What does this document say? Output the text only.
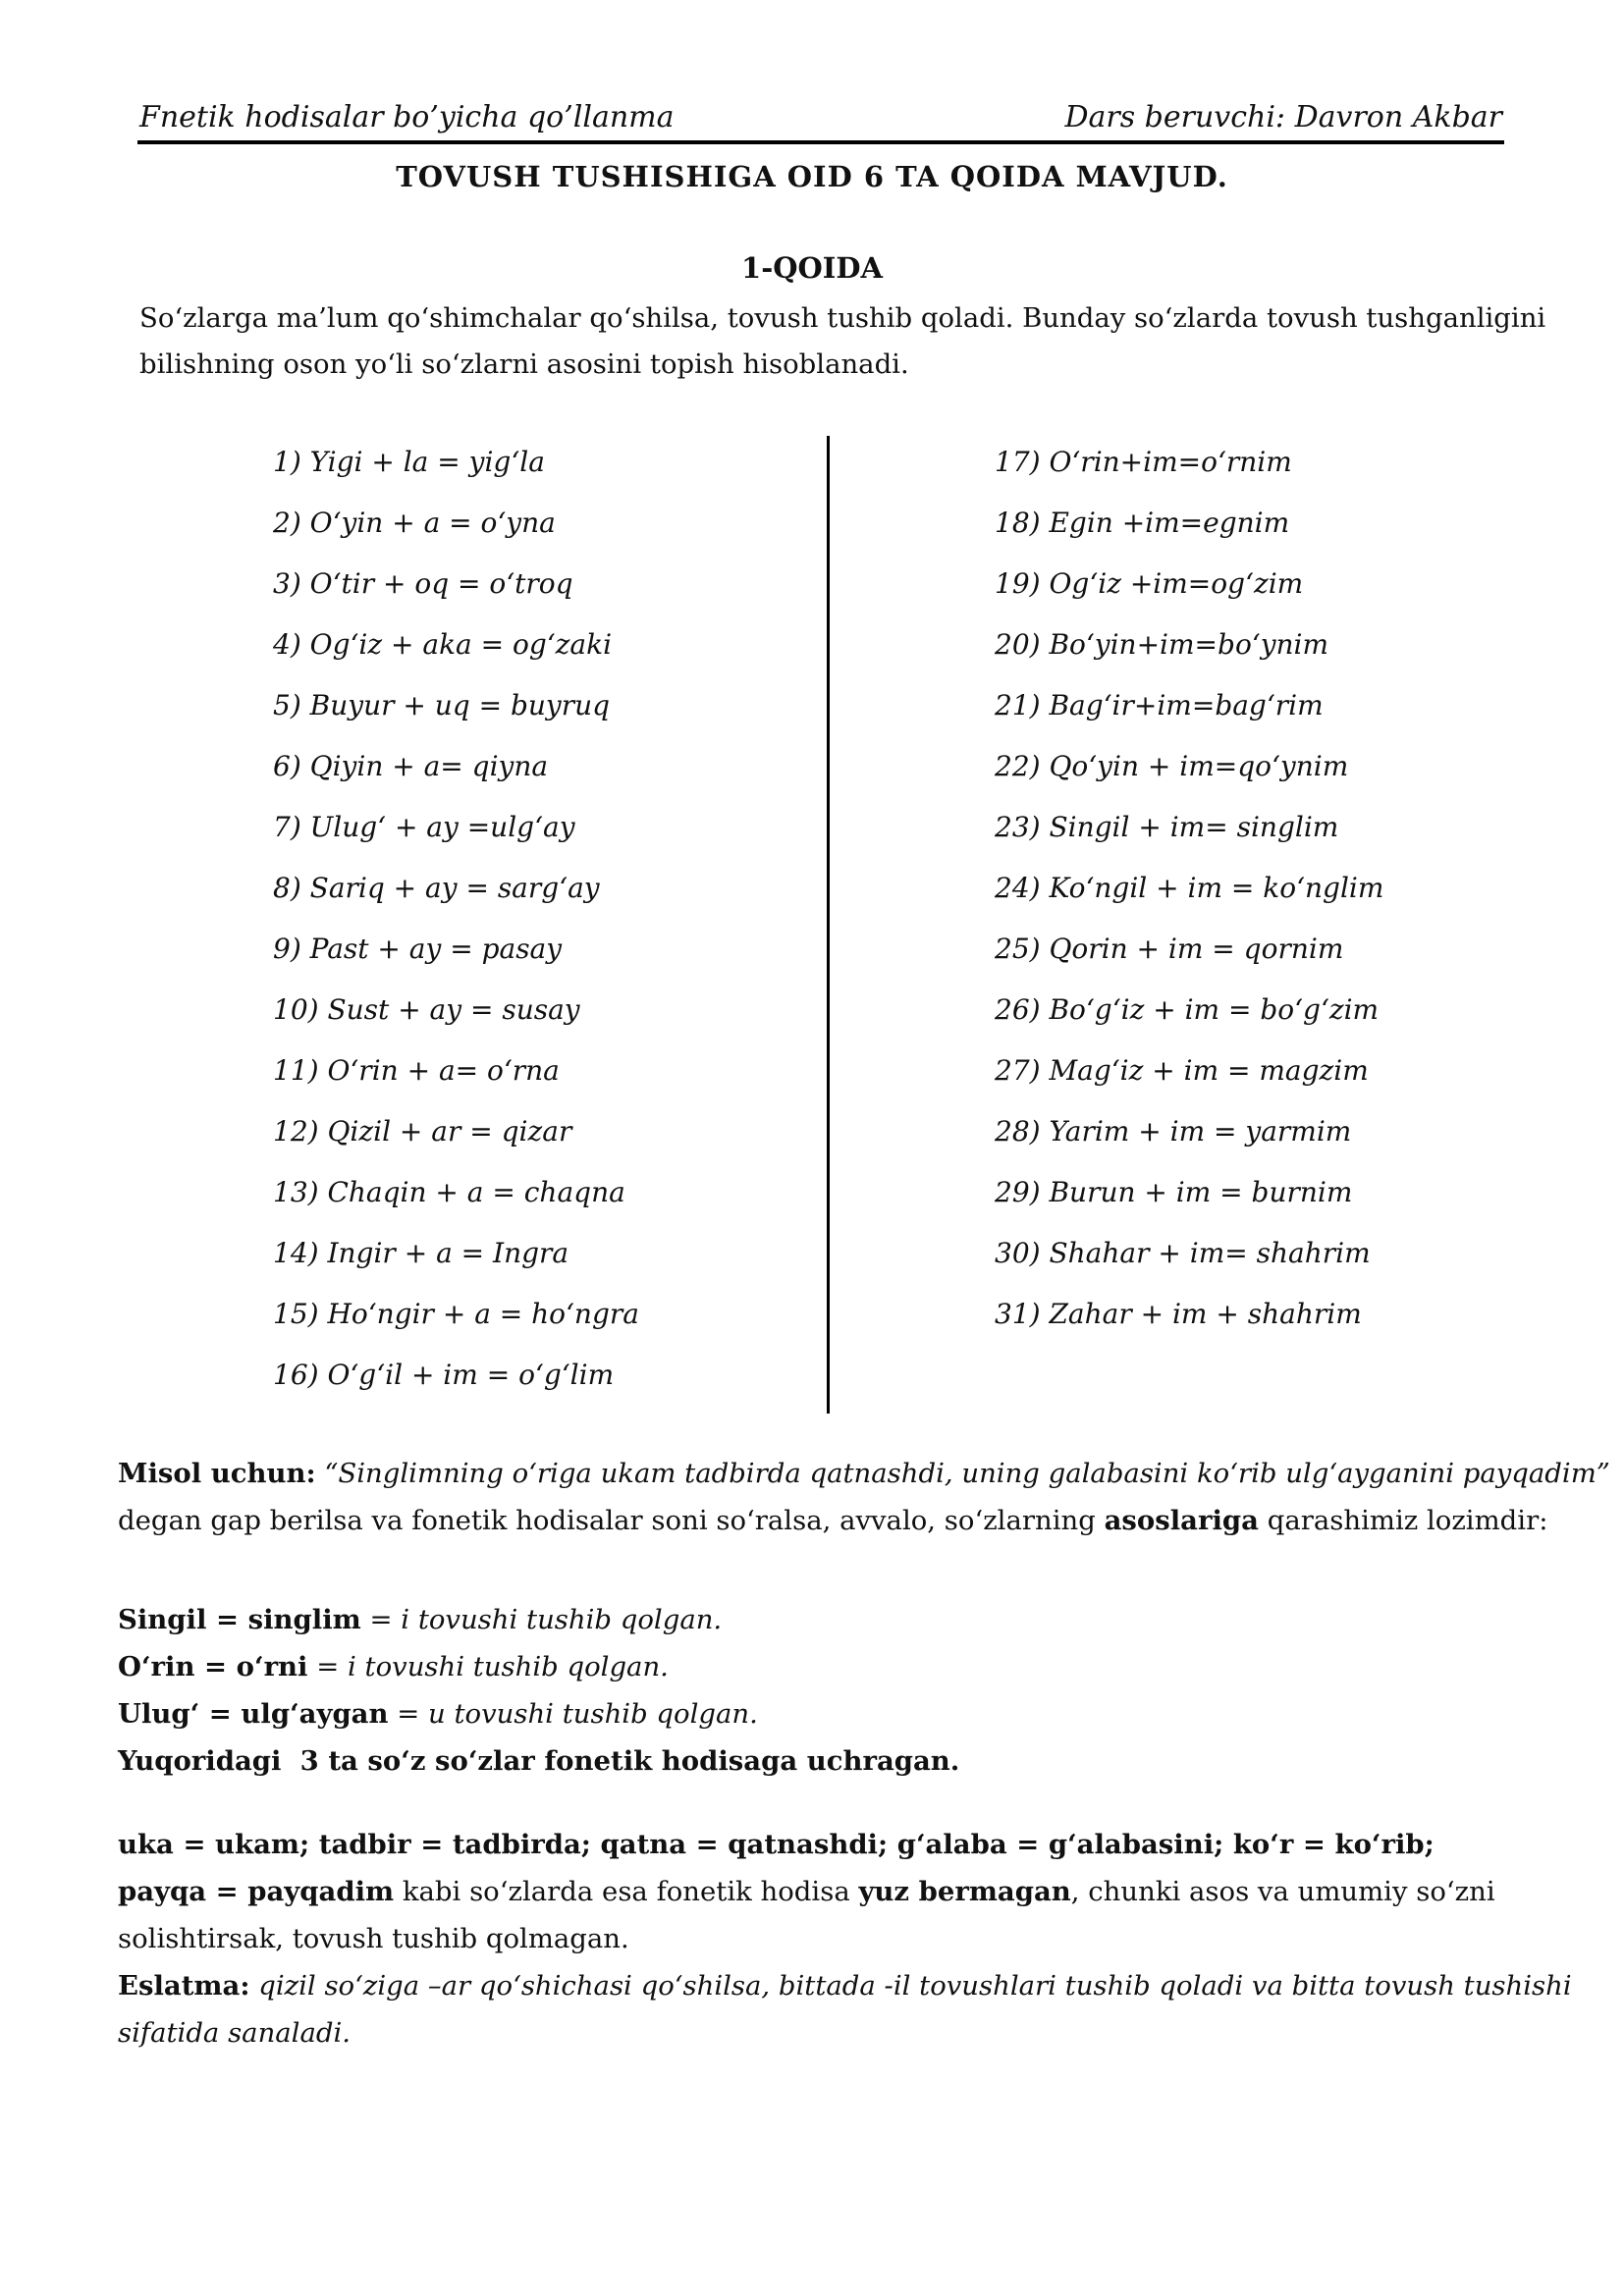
Fnetik hodisalar bo’yicha qo’llanma	Dars beruvchi: Davron Akbar
TOVUSH TUSHISHIGA OID 6 TA QOIDA MAVJUD.
1-QOIDA
So‘zlarga ma’lum qo‘shimchalar qo‘shilsa, tovush tushib qoladi. Bunday so‘zlarda tovush tushganligini
bilishning oson yo‘li so‘zlarni asosini topish hisoblanadi.
1) Yigi + la = yig‘la
2) O‘yin + a = o‘yna
3) O‘tir + oq = o‘troq
4) Og‘iz + aka = og‘zaki
5) Buyur + uq = buyruq
6) Qiyin + a= qiyna
7) Ulug‘ + ay =ulg‘ay
8) Sariq + ay = sarg‘ay
9) Past + ay = pasay
10) Sust + ay = susay
11) O‘rin + a= o‘rna
12) Qizil + ar = qizar
13) Chaqin + a = chaqna
14) Ingir + a = Ingra
15) Ho‘ngir + a = ho‘ngra
16) O‘g‘il + im = o‘g‘lim
17) O‘rin+im=o‘rnim
18) Egin +im=egnim
19) Og‘iz +im=og‘zim
20) Bo‘yin+im=bo‘ynim
21) Bag‘ir+im=bag‘rim
22) Qo‘yin + im=qo‘ynim
23) Singil + im= singlim
24) Ko‘ngil + im = ko‘nglim
25) Qorin + im = qornim
26) Bo‘g‘iz + im = bo‘g‘zim
27) Mag‘iz + im = magzim
28) Yarim + im = yarmim
29) Burun + im = burnim
30) Shahar + im= shahrim
31) Zahar + im + shahrim
Misol uchun: “Singlimning o‘riga ukam tadbirda qatnashdi, uning galabasini ko‘rib ulg‘ayganini payqadim”
degan gap berilsa va fonetik hodisalar soni so‘ralsa, avvalo, so‘zlarning asoslariga qarashimiz lozimdir:
Singil = singlim = i tovushi tushib qolgan.
O‘rin = o‘rni = i tovushi tushib qolgan.
Ulug‘ = ulg‘aygan = u tovushi tushib qolgan.
Yuqoridagi  3 ta so‘z so‘zlar fonetik hodisaga uchragan.
uka = ukam; tadbir = tadbirda; qatna = qatnashdi; g‘alaba = g‘alabasini; ko‘r = ko‘rib;
payqa = payqadim kabi so‘zlarda esa fonetik hodisa yuz bermagan, chunki asos va umumiy so‘zni
solishtirsak, tovush tushib qolmagan.
Eslatma: qizil so‘ziga –ar qo‘shichasi qo‘shilsa, bittada -il tovushlari tushib qoladi va bitta tovush tushishi
sifatida sanaladi.
